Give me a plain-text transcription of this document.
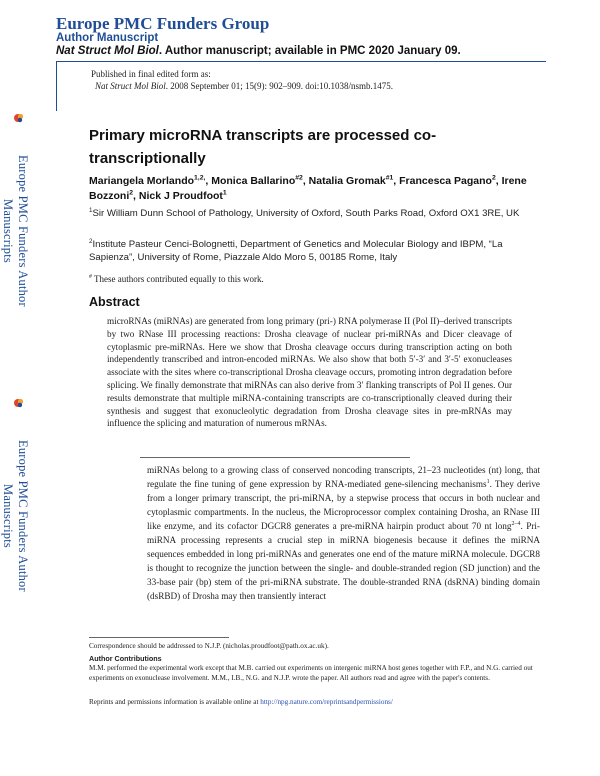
Europe PMC Funders Group
Author Manuscript
Nat Struct Mol Biol. Author manuscript; available in PMC 2020 January 09.
Published in final edited form as:
Nat Struct Mol Biol. 2008 September 01; 15(9): 902–909. doi:10.1038/nsmb.1475.
Europe PMC Funders Author Manuscripts
Europe PMC Funders Author Manuscripts
Primary microRNA transcripts are processed co-transcriptionally
Mariangela Morlando$^{1,2,}$, Monica Ballarino$^{\#2}$, Natalia Gromak$^{\#1}$, Francesca Pagano$^2$, Irene Bozzoni$^2$, Nick J Proudfoot$^1$
$^1$Sir William Dunn School of Pathology, University of Oxford, South Parks Road, Oxford OX1 3RE, UK
$^2$Institute Pasteur Cenci-Bolognetti, Department of Genetics and Molecular Biology and IBPM, “La Sapienza”, University of Rome, Piazzale Aldo Moro 5, 00185 Rome, Italy
# These authors contributed equally to this work.
Abstract
microRNAs (miRNAs) are generated from long primary (pri-) RNA polymerase II (Pol II)–derived transcripts by two RNase III processing reactions: Drosha cleavage of nuclear pri-miRNAs and Dicer cleavage of cytoplasmic pre-miRNAs. Here we show that Drosha cleavage occurs during transcription acting on both independently transcribed and intron-encoded miRNAs. We also show that both 5′-3′ and 3′-5′ exonucleases associate with the sites where co-transcriptional Drosha cleavage occurs, promoting intron degradation before splicing. We finally demonstrate that miRNAs can also derive from 3′ flanking transcripts of Pol II genes. Our results demonstrate that multiple miRNA-containing transcripts are co-transcriptionally cleaved during their synthesis and suggest that exonucleolytic degradation from Drosha cleavage sites in pre-mRNAs may influence the splicing and maturation of numerous mRNAs.
miRNAs belong to a growing class of conserved noncoding transcripts, 21–23 nucleotides (nt) long, that regulate the fine tuning of gene expression by RNA-mediated gene-silencing mechanisms$^1$. They derive from a longer primary transcript, the pri-miRNA, by a stepwise process that occurs in both nuclear and cytoplasmic compartments. In the nucleus, the Microprocessor complex containing Drosha, an RNase III like enzyme, and its cofactor DGCR8 generates a pre-miRNA hairpin product about 70 nt long$^{2-4}$. Pri-miRNA processing represents a crucial step in miRNA biogenesis because it defines the miRNA sequences embedded in long pri-miRNAs and generates one end of the mature miRNA molecule. DGCR8 is thought to recognize the junction between the single- and double-stranded region (SD junction) and the 33-base pair (bp) stem of the pri-miRNA substrate. The double-stranded RNA (dsRNA) binding domain (dsRBD) of Drosha may then transiently interact
Correspondence should be addressed to N.J.P. (nicholas.proudfoot@path.ox.ac.uk).
Author Contributions
M.M. performed the experimental work except that M.B. carried out experiments on intergenic miRNA host genes together with F.P., and N.G. carried out experiments on exonuclease involvement. M.M., I.B., N.G. and N.J.P. wrote the paper. All authors read and agree with the paper's contents.
Reprints and permissions information is available online at http://npg.nature.com/reprintsandpermissions/
